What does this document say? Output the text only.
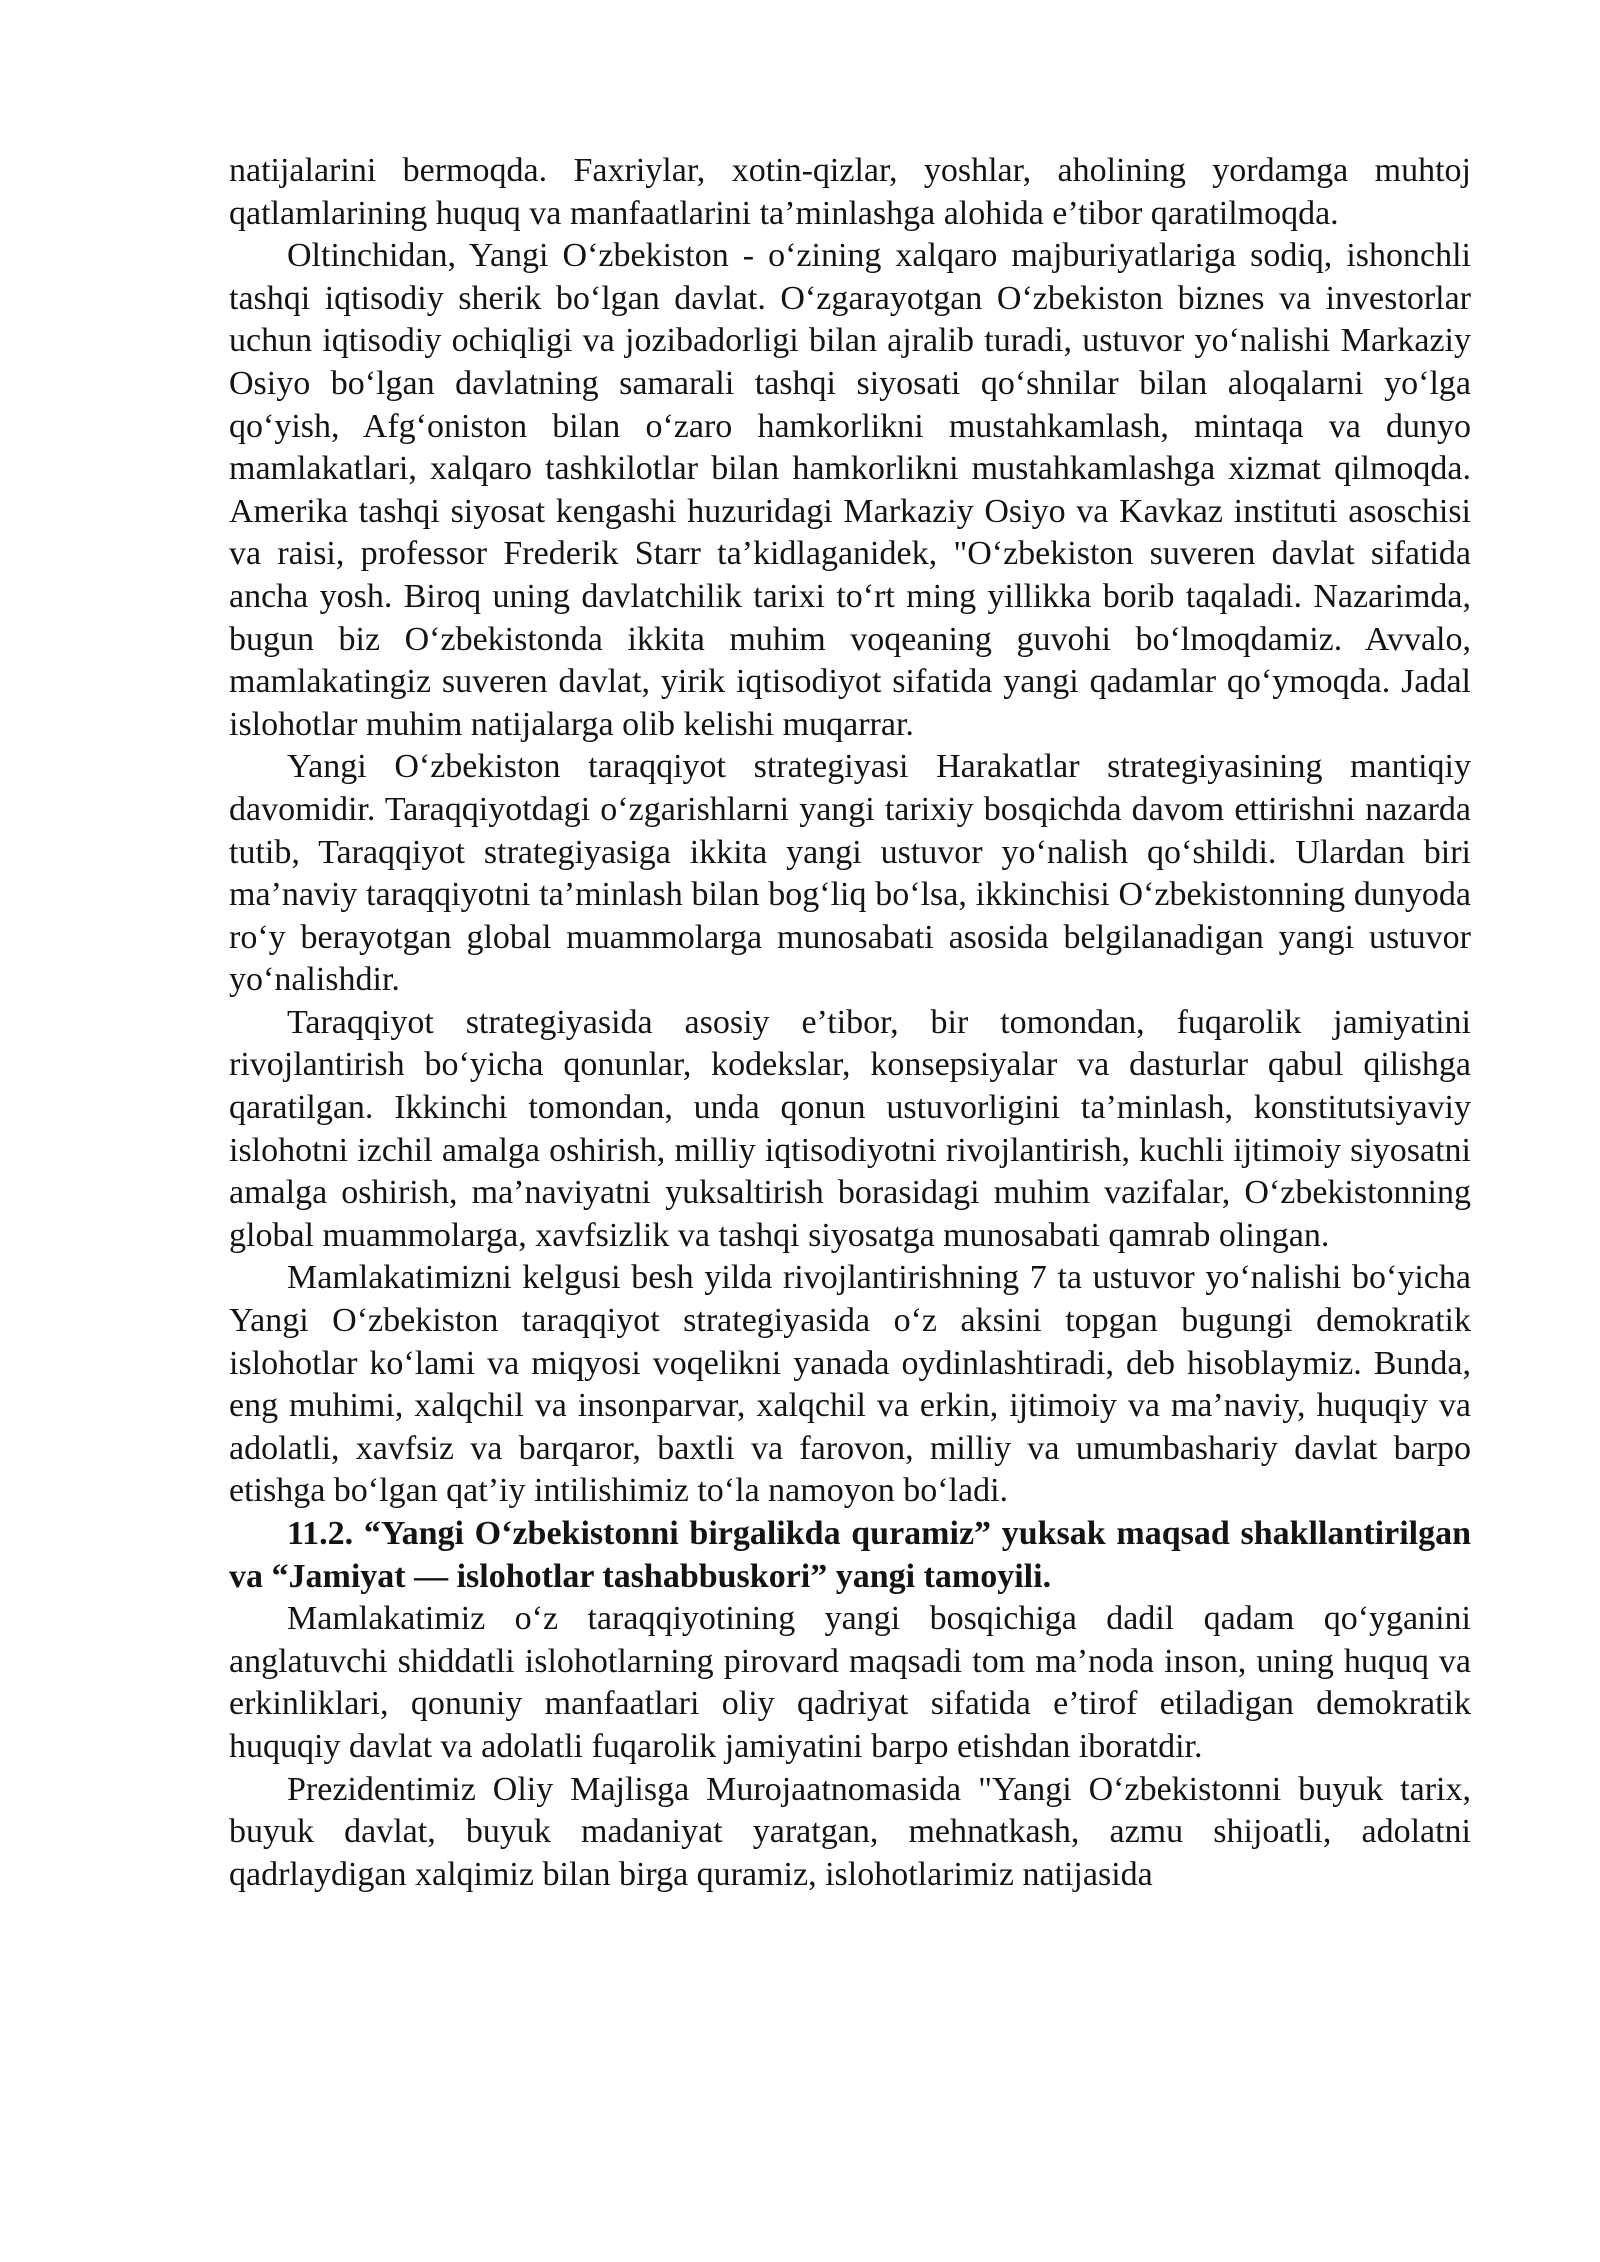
natijalarini bermoqda. Faxriylar, xotin-qizlar, yoshlar, aholining yordamga muhtoj qatlamlarining huquq va manfaatlarini ta’minlashga alohida e’tibor qaratilmoqda.

Oltinchidan, Yangi O‘zbekiston - o‘zining xalqaro majburiyatlariga sodiq, ishonchli tashqi iqtisodiy sherik bo‘lgan davlat. O‘zgarayotgan O‘zbekiston biznes va investorlar uchun iqtisodiy ochiqligi va jozibadorligi bilan ajralib turadi, ustuvor yo‘nalishi Markaziy Osiyo bo‘lgan davlatning samarali tashqi siyosati qo‘shnilar bilan aloqalarni yo‘lga qo‘yish, Afg‘oniston bilan o‘zaro hamkorlikni mustahkamlash, mintaqa va dunyo mamlakatlari, xalqaro tashkilotlar bilan hamkorlikni mustahkamlashga xizmat qilmoqda. Amerika tashqi siyosat kengashi huzuridagi Markaziy Osiyo va Kavkaz instituti asoschisi va raisi, professor Frederik Starr ta’kidlaganidek, "O‘zbekiston suveren davlat sifatida ancha yosh. Biroq uning davlatchilik tarixi to‘rt ming yillikka borib taqaladi. Nazarimda, bugun biz O‘zbekistonda ikkita muhim voqeaning guvohi bo‘lmoqdamiz. Avvalo, mamlakatingiz suveren davlat, yirik iqtisodiyot sifatida yangi qadamlar qo‘ymoqda. Jadal islohotlar muhim natijalarga olib kelishi muqarrar.

Yangi O‘zbekiston taraqqiyot strategiyasi Harakatlar strategiyasining mantiqiy davomidir. Taraqqiyotdagi o‘zgarishlarni yangi tarixiy bosqichda davom ettirishni nazarda tutib, Taraqqiyot strategiyasiga ikkita yangi ustuvor yo‘nalish qo‘shildi. Ulardan biri ma’naviy taraqqiyotni ta’minlash bilan bog‘liq bo‘lsa, ikkinchisi O‘zbekistonning dunyoda ro‘y berayotgan global muammolarga munosabati asosida belgilanadigan yangi ustuvor yo‘nalishdir.

Taraqqiyot strategiyasida asosiy e’tibor, bir tomondan, fuqarolik jamiyatini rivojlantirish bo‘yicha qonunlar, kodekslar, konsepsiyalar va dasturlar qabul qilishga qaratilgan. Ikkinchi tomondan, unda qonun ustuvorligini ta’minlash, konstitutsiyaviy islohotni izchil amalga oshirish, milliy iqtisodiyotni rivojlantirish, kuchli ijtimoiy siyosatni amalga oshirish, ma’naviyatni yuksaltirish borasidagi muhim vazifalar, O‘zbekistonning global muammolarga, xavfsizlik va tashqi siyosatga munosabati qamrab olingan.

Mamlakatimizni kelgusi besh yilda rivojlantirishning 7 ta ustuvor yo‘nalishi bo‘yicha Yangi O‘zbekiston taraqqiyot strategiyasida o‘z aksini topgan bugungi demokratik islohotlar ko‘lami va miqyosi voqelikni yanada oydinlashtiradi, deb hisoblaymiz. Bunda, eng muhimi, xalqchil va insonparvar, xalqchil va erkin, ijtimoiy va ma’naviy, huquqiy va adolatli, xavfsiz va barqaror, baxtli va farovon, milliy va umumbashariy davlat barpo etishga bo‘lgan qat’iy intilishimiz to‘la namoyon bo‘ladi.

11.2. “Yangi O‘zbekistonni birgalikda quramiz” yuksak maqsad shakllantirilgan va “Jamiyat — islohotlar tashabbuskori” yangi tamoyili.

Mamlakatimiz o‘z taraqqiyotining yangi bosqichiga dadil qadam qo‘yganini anglatuvchi shiddatli islohotlarning pirovard maqsadi tom ma’noda inson, uning huquq va erkinliklari, qonuniy manfaatlari oliy qadriyat sifatida e’tirof etiladigan demokratik huquqiy davlat va adolatli fuqarolik jamiyatini barpo etishdan iboratdir.

Prezidentimiz Oliy Majlisga Murojaatnomasida "Yangi O‘zbekistonni buyuk tarix, buyuk davlat, buyuk madaniyat yaratgan, mehnatkash, azmu shijoatli, adolatni qadrlaydigan xalqimiz bilan birga quramiz, islohotlarimiz natijasida
